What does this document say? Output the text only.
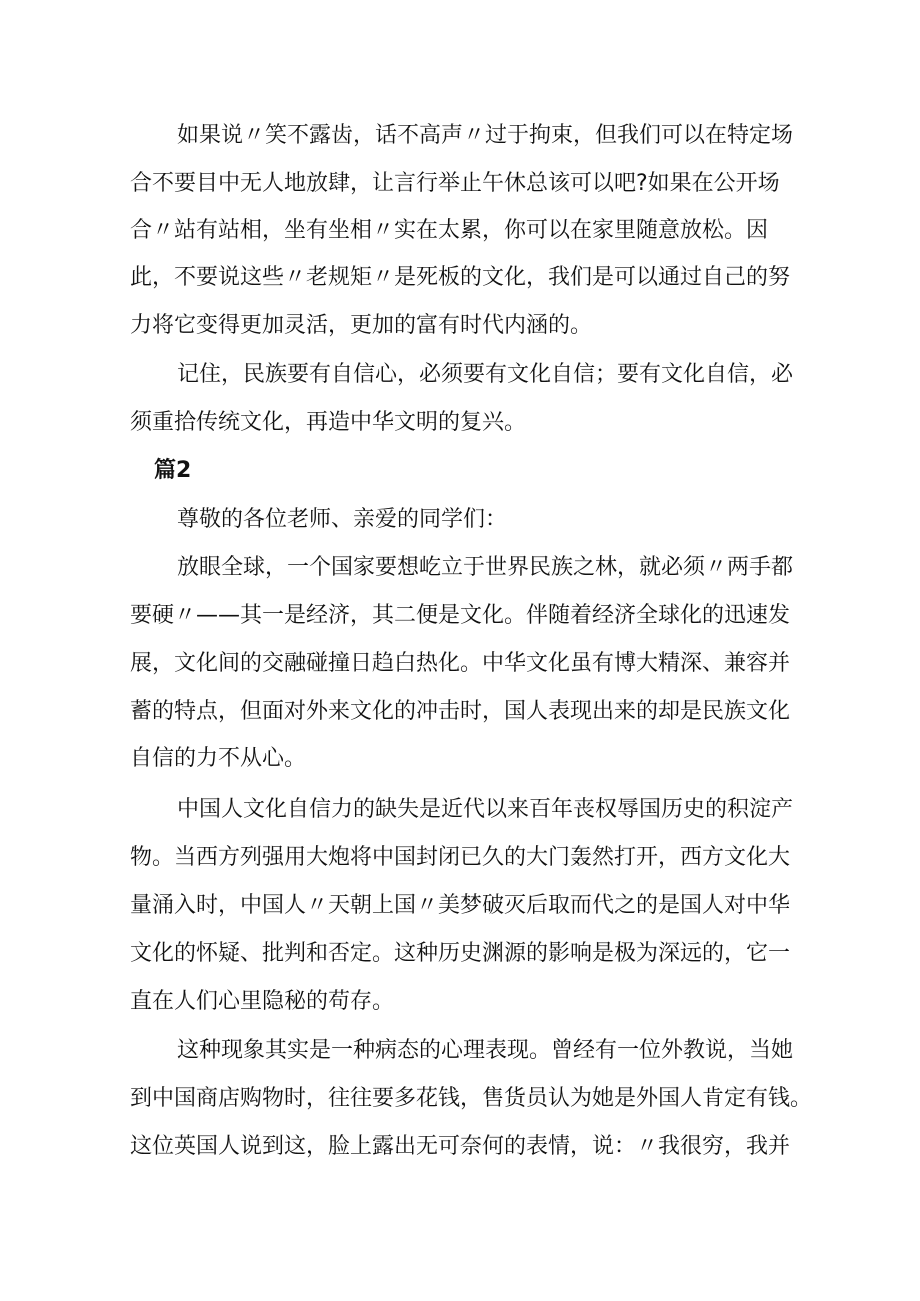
如果说〃笑不露齿，话不高声〃过于拘束，但我们可以在特定场

合不要目中无人地放肆，让言行举止午休总该可以吧?如果在公开场

合〃站有站相，坐有坐相〃实在太累，你可以在家里随意放松。因

此，不要说这些〃老规矩〃是死板的文化，我们是可以通过自己的努

力将它变得更加灵活，更加的富有时代内涵的。

记住，民族要有自信心，必须要有文化自信；要有文化自信，必

须重拾传统文化，再造中华文明的复兴。

篇2

尊敬的各位老师、亲爱的同学们：

放眼全球，一个国家要想屹立于世界民族之林，就必须〃两手都

要硬〃——其一是经济，其二便是文化。伴随着经济全球化的迅速发

展，文化间的交融碰撞日趋白热化。中华文化虽有博大精深、兼容并

蓄的特点，但面对外来文化的冲击时，国人表现出来的却是民族文化

自信的力不从心。

中国人文化自信力的缺失是近代以来百年丧权辱国历史的积淀产

物。当西方列强用大炮将中国封闭已久的大门轰然打开，西方文化大

量涌入时，中国人〃天朝上国〃美梦破灭后取而代之的是国人对中华

文化的怀疑、批判和否定。这种历史渊源的影响是极为深远的，它一

直在人们心里隐秘的苟存。

这种现象其实是一种病态的心理表现。曾经有一位外教说，当她

到中国商店购物时，往往要多花钱，售货员认为她是外国人肯定有钱。

这位英国人说到这，脸上露出无可奈何的表情，说：〃我很穷，我并
